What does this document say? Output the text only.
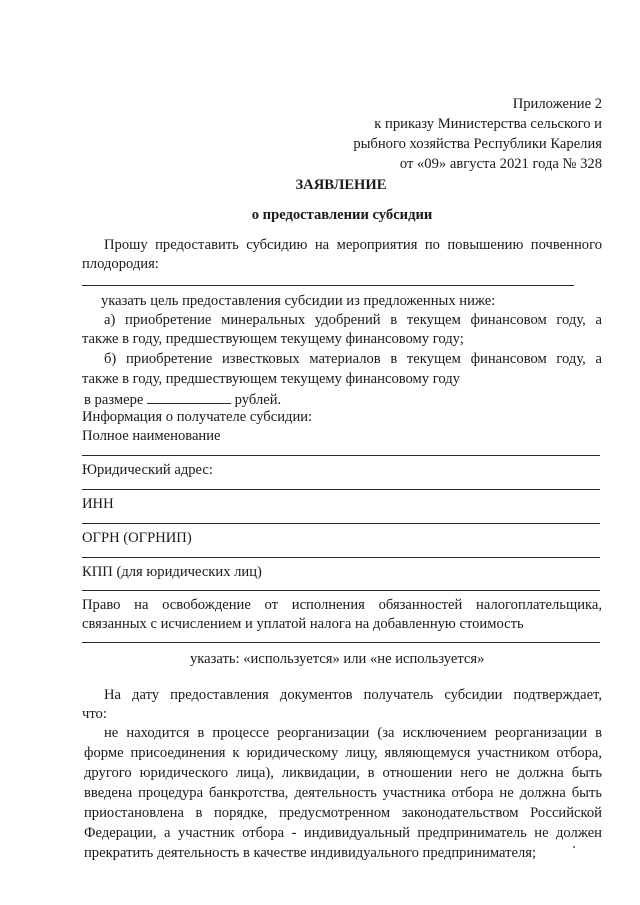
Приложение 2
к приказу Министерства сельского и
рыбного хозяйства Республики Карелия
от «09» августа 2021 года № 328
ЗАЯВЛЕНИЕ
о предоставлении субсидии
Прошу предоставить субсидию на мероприятия по повышению почвенного
плодородия:
указать цель предоставления субсидии из предложенных ниже:
а) приобретение минеральных удобрений в текущем финансовом году, а
также в году, предшествующем текущему финансовому году;
б) приобретение известковых материалов в текущем финансовом году, а
также в году, предшествующем текущему финансовому году
в размере	рублей.
Информация о получателе субсидии:
Полное наименование
Юридический адрес:
ИНН
ОГРН (ОГРНИП)
КПП (для юридических лиц)
Право на освобождение от исполнения обязанностей налогоплательщика,
связанных с исчислением и уплатой налога на добавленную стоимость
указать: «используется» или «не используется»
На дату предоставления документов получатель субсидии подтверждает,
что:
не находится в процессе реорганизации (за исключением реорганизации в
форме присоединения к юридическому лицу, являющемуся участником отбора,
другого юридического лица), ликвидации, в отношении него не должна быть
введена процедура банкротства, деятельность участника отбора не должна быть
приостановлена в порядке, предусмотренном законодательством Российской
Федерации, а участник отбора - индивидуальный предприниматель не должен
прекратить деятельность в качестве индивидуального предпринимателя;
